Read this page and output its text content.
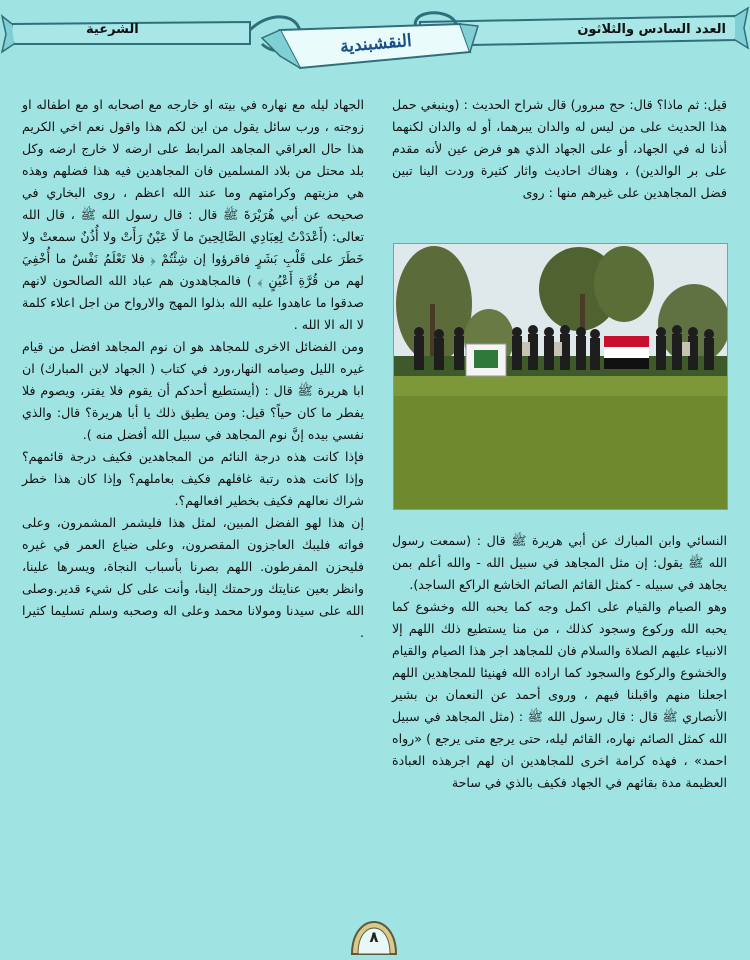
العدد السادس والثلاثون
الشرعية
النقشبندية

قيل: ثم ماذا؟ قال: حج مبرور) قال شراح الحديث : (وينبغي حمل هذا الحديث على من ليس له والدان يبرهما، أو له والدان لكنهما أذنا له في الجهاد، أو على الجهاد الذي هو فرض عين لأنه مقدم على بر الوالدين) ، وهناك احاديث واثار كثيرة وردت الينا تبين فضل المجاهدين على غيرهم منها : روى

النسائي وابن المبارك عن أبي هريرة ﷺ قال : (سمعت رسول الله ﷺ يقول: إن مثل المجاهد في سبيل الله - والله أعلم بمن يجاهد في سبيله - كمثل القائم الصائم الخاشع الراكع الساجد).

وهو الصيام والقيام على اكمل وجه كما يحبه الله وخشوع كما يحبه الله وركوع وسجود كذلك ، من منا يستطيع ذلك اللهم إلا الانبياء عليهم الصلاة والسلام فان للمجاهد اجر هذا الصيام والقيام والخشوع والركوع والسجود كما اراده الله فهنيئا للمجاهدين اللهم اجعلنا منهم واقبلنا فيهم ، وروى أحمد عن النعمان بن بشير الأنصاري ﷺ قال : قال رسول الله ﷺ : (مثل المجاهد في سبيل الله كمثل الصائم نهاره، القائم ليله، حتى يرجع متى يرجع ) «رواه احمد» ، فهذه كرامة اخرى للمجاهدين ان لهم اجرهذه العبادة العظيمة مدة بقائهم في الجهاد فكيف بالذي في ساحة

الجهاد ليله مع نهاره في بيته او خارجه مع اصحابه او مع اطفاله او زوجته ، ورب سائل يقول من اين لكم هذا واقول نعم اخي الكريم هذا حال العراقي المجاهد المرابط على ارضه لا خارج ارضه وكل بلد محتل من بلاد المسلمين فان المجاهدين فيه هذا فضلهم وهذه هي مزيتهم وكرامتهم وما عند الله اعظم ، روى البخاري في صحيحه عن أبي هُرَيْرَةَ ﷺ قال : قال رسول الله ﷺ ، قال الله تعالى: (أَعْدَدْتُ لِعِبَادِي الصَّالِحِينَ ما لَا عَيْنٌ رَأَتْ ولا أُذُنٌ سمعتْ ولا خَطَرَ على قَلْبِ بَشَرٍ فاقرؤوا إن شِئْتُمْ ﴿ فلا تَعْلَمُ نَفْسٌ ما أُخْفِيَ لهم من قُرَّةِ أَعْيُنٍ ﴾ ) فالمجاهدون هم عباد الله الصالحون لانهم صدقوا ما عاهدوا عليه الله بذلوا المهج والارواح من اجل اعلاء كلمة لا اله الا الله .

ومن الفضائل الاخرى للمجاهد هو ان نوم المجاهد افضل من قيام غيره الليل وصيامه النهار،ورد في كتاب ( الجهاد لابن المبارك) ان ابا هريرة ﷺ قال : (أيستطيع أحدكم أن يقوم فلا يفتر، ويصوم فلا يفطر ما كان حياً؟ قيل: ومن يطيق ذلك يا أبا هريرة؟ قال: والذي نفسي بيده إنَّ نوم المجاهد في سبيل الله أفضل منه ).

فإذا كانت هذه درجة النائم من المجاهدين فكيف درجة قائمهم؟ وإذا كانت هذه رتبة غافلهم فكيف بعاملهم؟ وإذا كان هذا خطر شراك نعالهم فكيف بخطير افعالهم؟.

إن هذا لهو الفضل المبين، لمثل هذا فليشمر المشمرون، وعلى فواته فليبك العاجزون المقصرون، وعلى ضياع العمر في غيره فليحزن المفرطون. اللهم بصرنا بأسباب النجاة، ويسرها علينا، وانظر بعين عنايتك ورحمتك إلينا، وأنت على كل شيء قدير.وصلى الله على سيدنا ومولانا محمد وعلى اله وصحبه وسلم تسليما كثيرا .

٨
